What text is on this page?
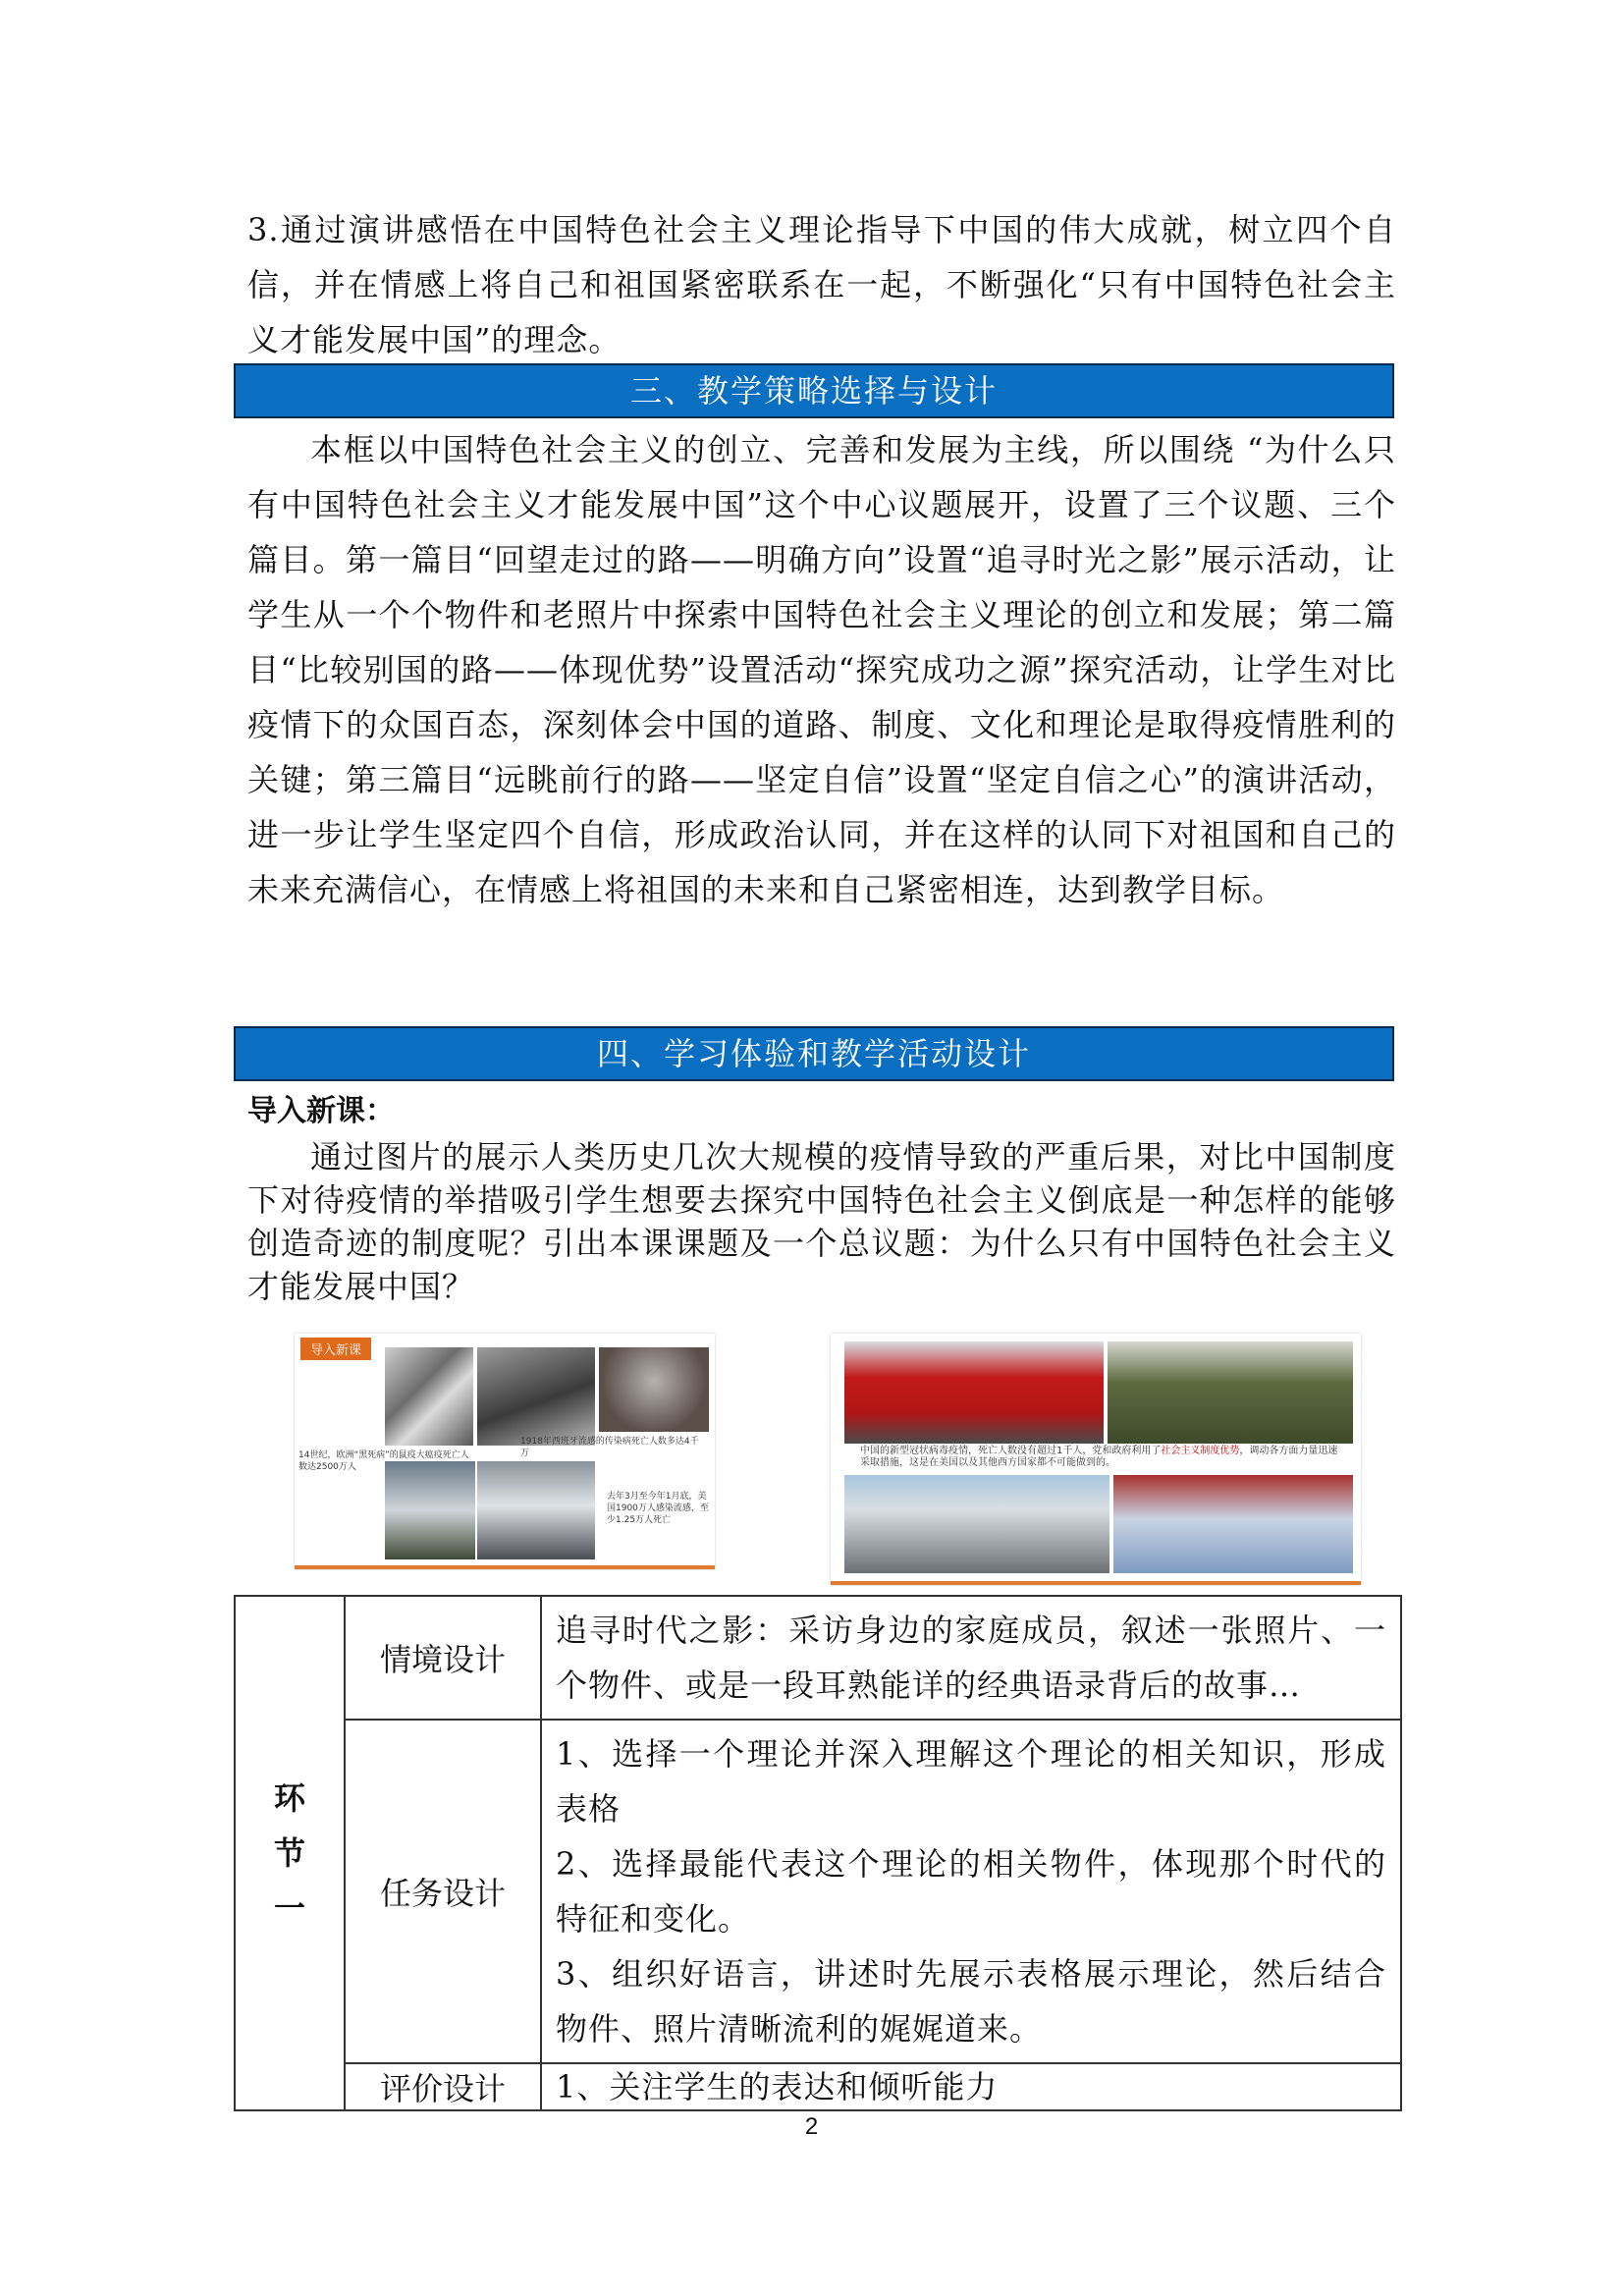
3.通过演讲感悟在中国特色社会主义理论指导下中国的伟大成就，树立四个自信，并在情感上将自己和祖国紧密联系在一起，不断强化“只有中国特色社会主义才能发展中国”的理念。

三、教学策略选择与设计

本框以中国特色社会主义的创立、完善和发展为主线，所以围绕 “为什么只有中国特色社会主义才能发展中国”这个中心议题展开，设置了三个议题、三个篇目。第一篇目“回望走过的路——明确方向”设置“追寻时光之影”展示活动，让学生从一个个物件和老照片中探索中国特色社会主义理论的创立和发展；第二篇目“比较别国的路——体现优势”设置活动“探究成功之源”探究活动，让学生对比疫情下的众国百态，深刻体会中国的道路、制度、文化和理论是取得疫情胜利的关键；第三篇目“远眺前行的路——坚定自信”设置“坚定自信之心”的演讲活动，进一步让学生坚定四个自信，形成政治认同，并在这样的认同下对祖国和自己的未来充满信心，在情感上将祖国的未来和自己紧密相连，达到教学目标。

四、学习体验和教学活动设计
导入新课：

通过图片的展示人类历史几次大规模的疫情导致的严重后果，对比中国制度下对待疫情的举措吸引学生想要去探究中国特色社会主义倒底是一种怎样的能够创造奇迹的制度呢？引出本课课题及一个总议题：为什么只有中国特色社会主义才能发展中国？

导入新课
14世纪，欧洲“黑死病”的鼠疫大瘟疫死亡人数达2500万人
1918年西班牙流感的传染病死亡人数多达4千万
去年3月至今年1月底，美国1900万人感染流感，至少1.25万人死亡
中国的新型冠状病毒疫情，死亡人数没有超过1千人，党和政府利用了社会主义制度优势，调动各方面力量迅速采取措施，这是在美国以及其他西方国家都不可能做到的。
环
节
一	情境设计	追寻时代之影：采访身边的家庭成员，叙述一张照片、一个物件、或是一段耳熟能详的经典语录背后的故事…

	任务设计	1、选择一个理论并深入理解这个理论的相关知识，形成表格
2、选择最能代表这个理论的相关物件，体现那个时代的特征和变化。
3、组织好语言，讲述时先展示表格展示理论，然后结合物件、照片清晰流利的娓娓道来。

	评价设计	1、关注学生的表达和倾听能力
2
